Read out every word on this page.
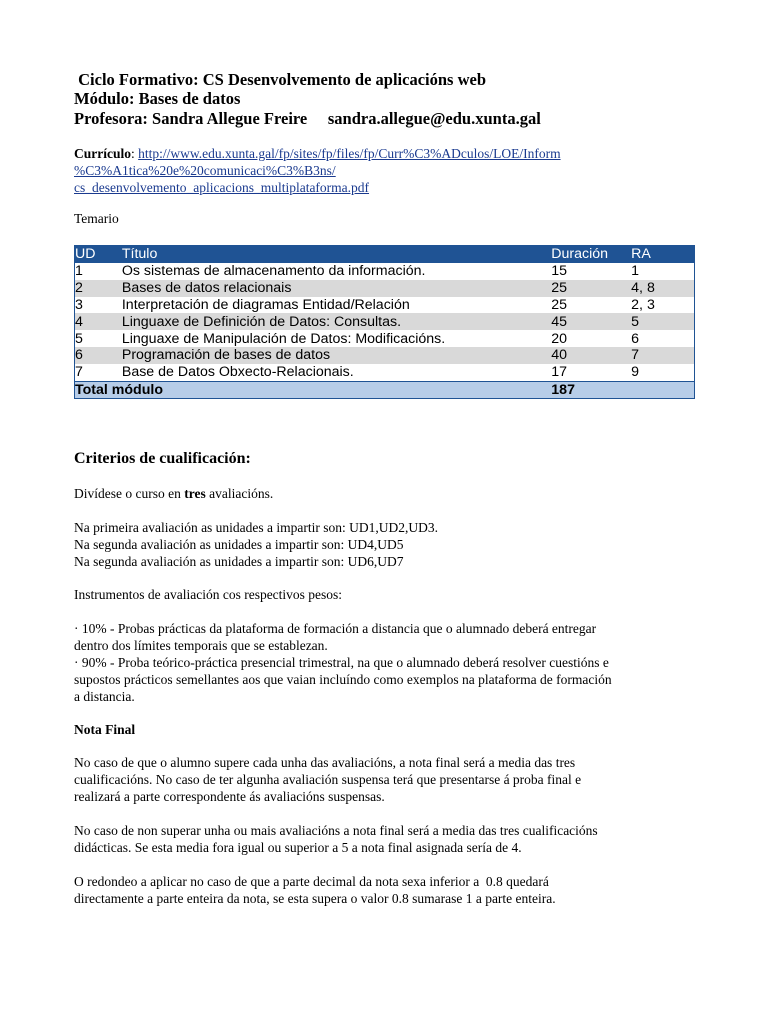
Ciclo Formativo: CS Desenvolvemento de aplicacións web
Módulo: Bases de datos
Profesora: Sandra Allegue Freire     sandra.allegue@edu.xunta.gal
Currículo: http://www.edu.xunta.gal/fp/sites/fp/files/fp/Curr%C3%ADculos/LOE/Inform
%C3%A1tica%20e%20comunicaci%C3%B3ns/
cs_desenvolvemento_aplicacions_multiplataforma.pdf
Temario
UD	Título	Duración	RA
1	Os sistemas de almacenamento da información.	15	1
2	Bases de datos relacionais	25	4, 8
3	Interpretación de diagramas Entidad/Relación	25	2, 3
4	Linguaxe de Definición de Datos: Consultas.	45	5
5	Linguaxe de Manipulación de Datos: Modificacións.	20	6
6	Programación de bases de datos	40	7
7	Base de Datos Obxecto-Relacionais.	17	9
Total módulo		187	
Criterios de cualificación:
Divídese o curso en tres avaliacións.
Na primeira avaliación as unidades a impartir son: UD1,UD2,UD3.
Na segunda avaliación as unidades a impartir son: UD4,UD5
Na segunda avaliación as unidades a impartir son: UD6,UD7
Instrumentos de avaliación cos respectivos pesos:
· 10% - Probas prácticas da plataforma de formación a distancia que o alumnado deberá entregar
dentro dos límites temporais que se establezan.
· 90% - Proba teórico-práctica presencial trimestral, na que o alumnado deberá resolver cuestións e
supostos prácticos semellantes aos que vaian incluíndo como exemplos na plataforma de formación
a distancia.
Nota Final
No caso de que o alumno supere cada unha das avaliacións, a nota final será a media das tres
cualificacións. No caso de ter algunha avaliación suspensa terá que presentarse á proba final e
realizará a parte correspondente ás avaliacións suspensas.
No caso de non superar unha ou mais avaliacións a nota final será a media das tres cualificacións
didácticas. Se esta media fora igual ou superior a 5 a nota final asignada sería de 4.
O redondeo a aplicar no caso de que a parte decimal da nota sexa inferior a  0.8 quedará
directamente a parte enteira da nota, se esta supera o valor 0.8 sumarase 1 a parte enteira.
